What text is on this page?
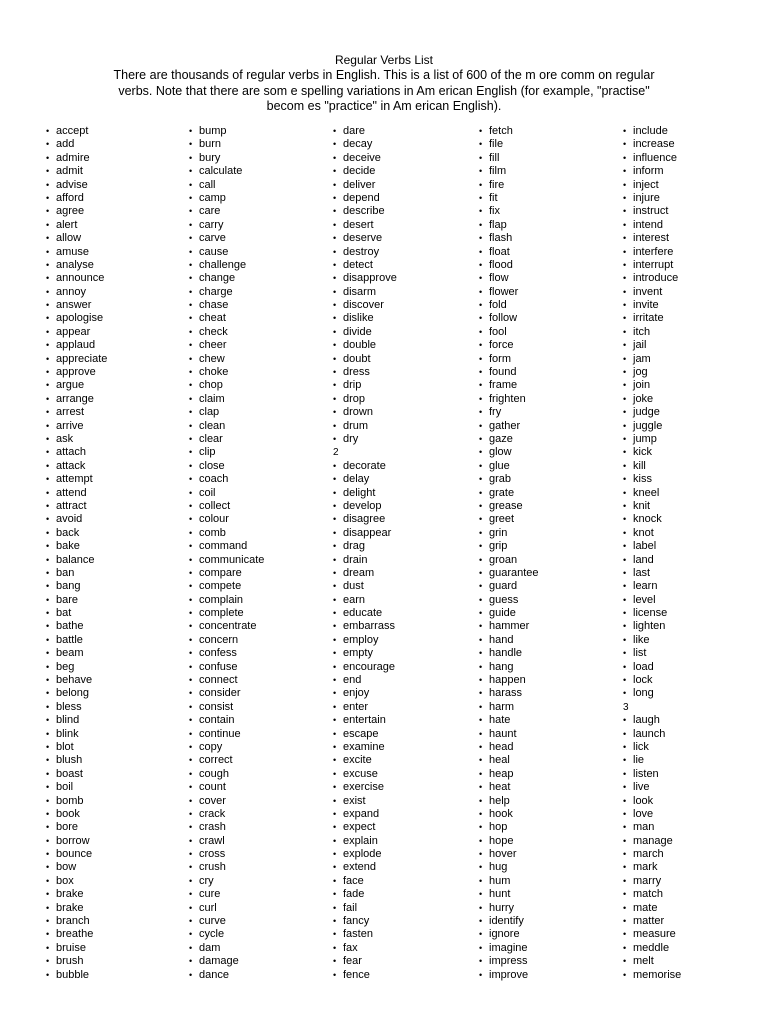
Regular Verbs List
There are thousands of regular verbs in English. This is a list of 600 of the m ore comm on regular verbs. Note that there are som e spelling variations in Am erican English (for example, "practise" becom es "practice" in Am erican English).
• accept
• add
• admire
• admit
• advise
• afford
• agree
• alert
• allow
• amuse
• analyse
• announce
• annoy
• answer
• apologise
• appear
• applaud
• appreciate
• approve
• argue
• arrange
• arrest
• arrive
• ask
• attach
• attack
• attempt
• attend
• attract
• avoid
• back
• bake
• balance
• ban
• bang
• bare
• bat
• bathe
• battle
• beam
• beg
• behave
• belong
• bless
• blind
• blink
• blot
• blush
• boast
• boil
• bomb
• book
• bore
• borrow
• bounce
• bow
• box
• brake
• brake
• branch
• breathe
• bruise
• brush
• bubble
• bump
• burn
• bury
• calculate
• call
• camp
• care
• carry
• carve
• cause
• challenge
• change
• charge
• chase
• cheat
• check
• cheer
• chew
• choke
• chop
• claim
• clap
• clean
• clear
• clip
• close
• coach
• coil
• collect
• colour
• comb
• command
• communicate
• compare
• compete
• complain
• complete
• concentrate
• concern
• confess
• confuse
• connect
• consider
• consist
• contain
• continue
• copy
• correct
• cough
• count
• cover
• crack
• crash
• crawl
• cross
• crush
• cry
• cure
• curl
• curve
• cycle
• dam
• damage
• dance
• dare
• decay
• deceive
• decide
• deliver
• depend
• describe
• desert
• deserve
• destroy
• detect
• disapprove
• disarm
• discover
• dislike
• divide
• double
• doubt
• dress
• drip
• drop
• drown
• drum
• dry
2
• decorate
• delay
• delight
• develop
• disagree
• disappear
• drag
• drain
• dream
• dust
• earn
• educate
• embarrass
• employ
• empty
• encourage
• end
• enjoy
• enter
• entertain
• escape
• examine
• excite
• excuse
• exercise
• exist
• expand
• expect
• explain
• explode
• extend
• face
• fade
• fail
• fancy
• fasten
• fax
• fear
• fence
• fetch
• file
• fill
• film
• fire
• fit
• fix
• flap
• flash
• float
• flood
• flow
• flower
• fold
• follow
• fool
• force
• form
• found
• frame
• frighten
• fry
• gather
• gaze
• glow
• glue
• grab
• grate
• grease
• greet
• grin
• grip
• groan
• guarantee
• guard
• guess
• guide
• hammer
• hand
• handle
• hang
• happen
• harass
• harm
• hate
• haunt
• head
• heal
• heap
• heat
• help
• hook
• hop
• hope
• hover
• hug
• hum
• hunt
• hurry
• identify
• ignore
• imagine
• impress
• improve
• include
• increase
• influence
• inform
• inject
• injure
• instruct
• intend
• interest
• interfere
• interrupt
• introduce
• invent
• invite
• irritate
• itch
• jail
• jam
• jog
• join
• joke
• judge
• juggle
• jump
• kick
• kill
• kiss
• kneel
• knit
• knock
• knot
• label
• land
• last
• learn
• level
• license
• lighten
• like
• list
• load
• lock
• long
3
• laugh
• launch
• lick
• lie
• listen
• live
• look
• love
• man
• manage
• march
• mark
• marry
• match
• mate
• matter
• measure
• meddle
• melt
• memorise
